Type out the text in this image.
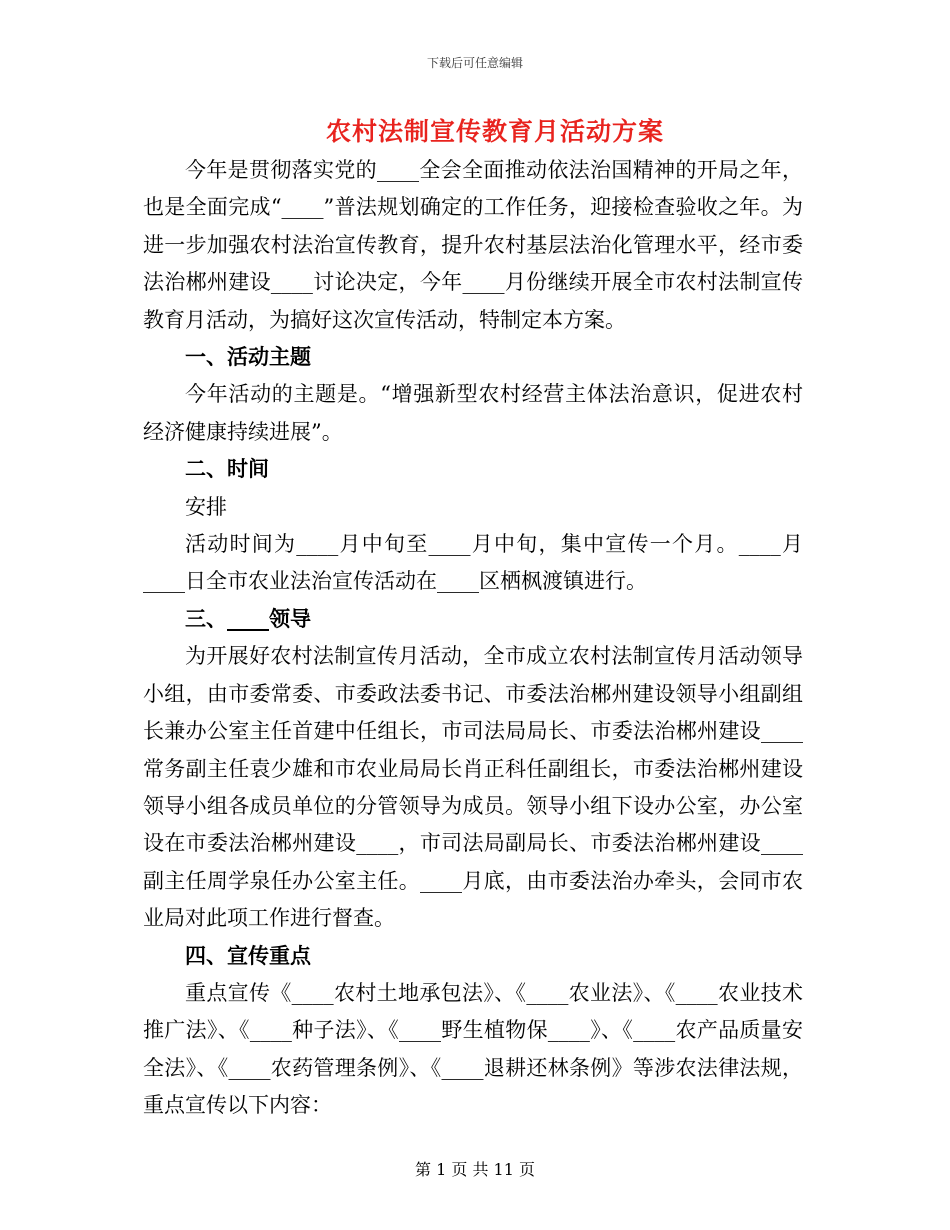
下载后可任意编辑
农村法制宣传教育月活动方案

今年是贯彻落实党的____全会全面推动依法治国精神的开局之年，也是全面完成“____”普法规划确定的工作任务，迎接检查验收之年。为进一步加强农村法治宣传教育，提升农村基层法治化管理水平，经市委法治郴州建设____讨论决定，今年____月份继续开展全市农村法制宣传教育月活动，为搞好这次宣传活动，特制定本方案。

一、活动主题

今年活动的主题是。“增强新型农村经营主体法治意识，促进农村经济健康持续进展”。

二、时间

安排

活动时间为____月中旬至____月中旬，集中宣传一个月。____月____日全市农业法治宣传活动在____区栖枫渡镇进行。

三、____领导

为开展好农村法制宣传月活动，全市成立农村法制宣传月活动领导小组，由市委常委、市委政法委书记、市委法治郴州建设领导小组副组长兼办公室主任首建中任组长，市司法局局长、市委法治郴州建设____常务副主任袁少雄和市农业局局长肖正科任副组长，市委法治郴州建设领导小组各成员单位的分管领导为成员。领导小组下设办公室，办公室设在市委法治郴州建设____，市司法局副局长、市委法治郴州建设____副主任周学泉任办公室主任。____月底，由市委法治办牵头，会同市农业局对此项工作进行督查。

四、宣传重点

重点宣传《____农村土地承包法》、《____农业法》、《____农业技术推广法》、《____种子法》、《____野生植物保____》、《____农产品质量安全法》、《____农药管理条例》、《____退耕还林条例》等涉农法律法规，重点宣传以下内容：

第 1 页 共 11 页
